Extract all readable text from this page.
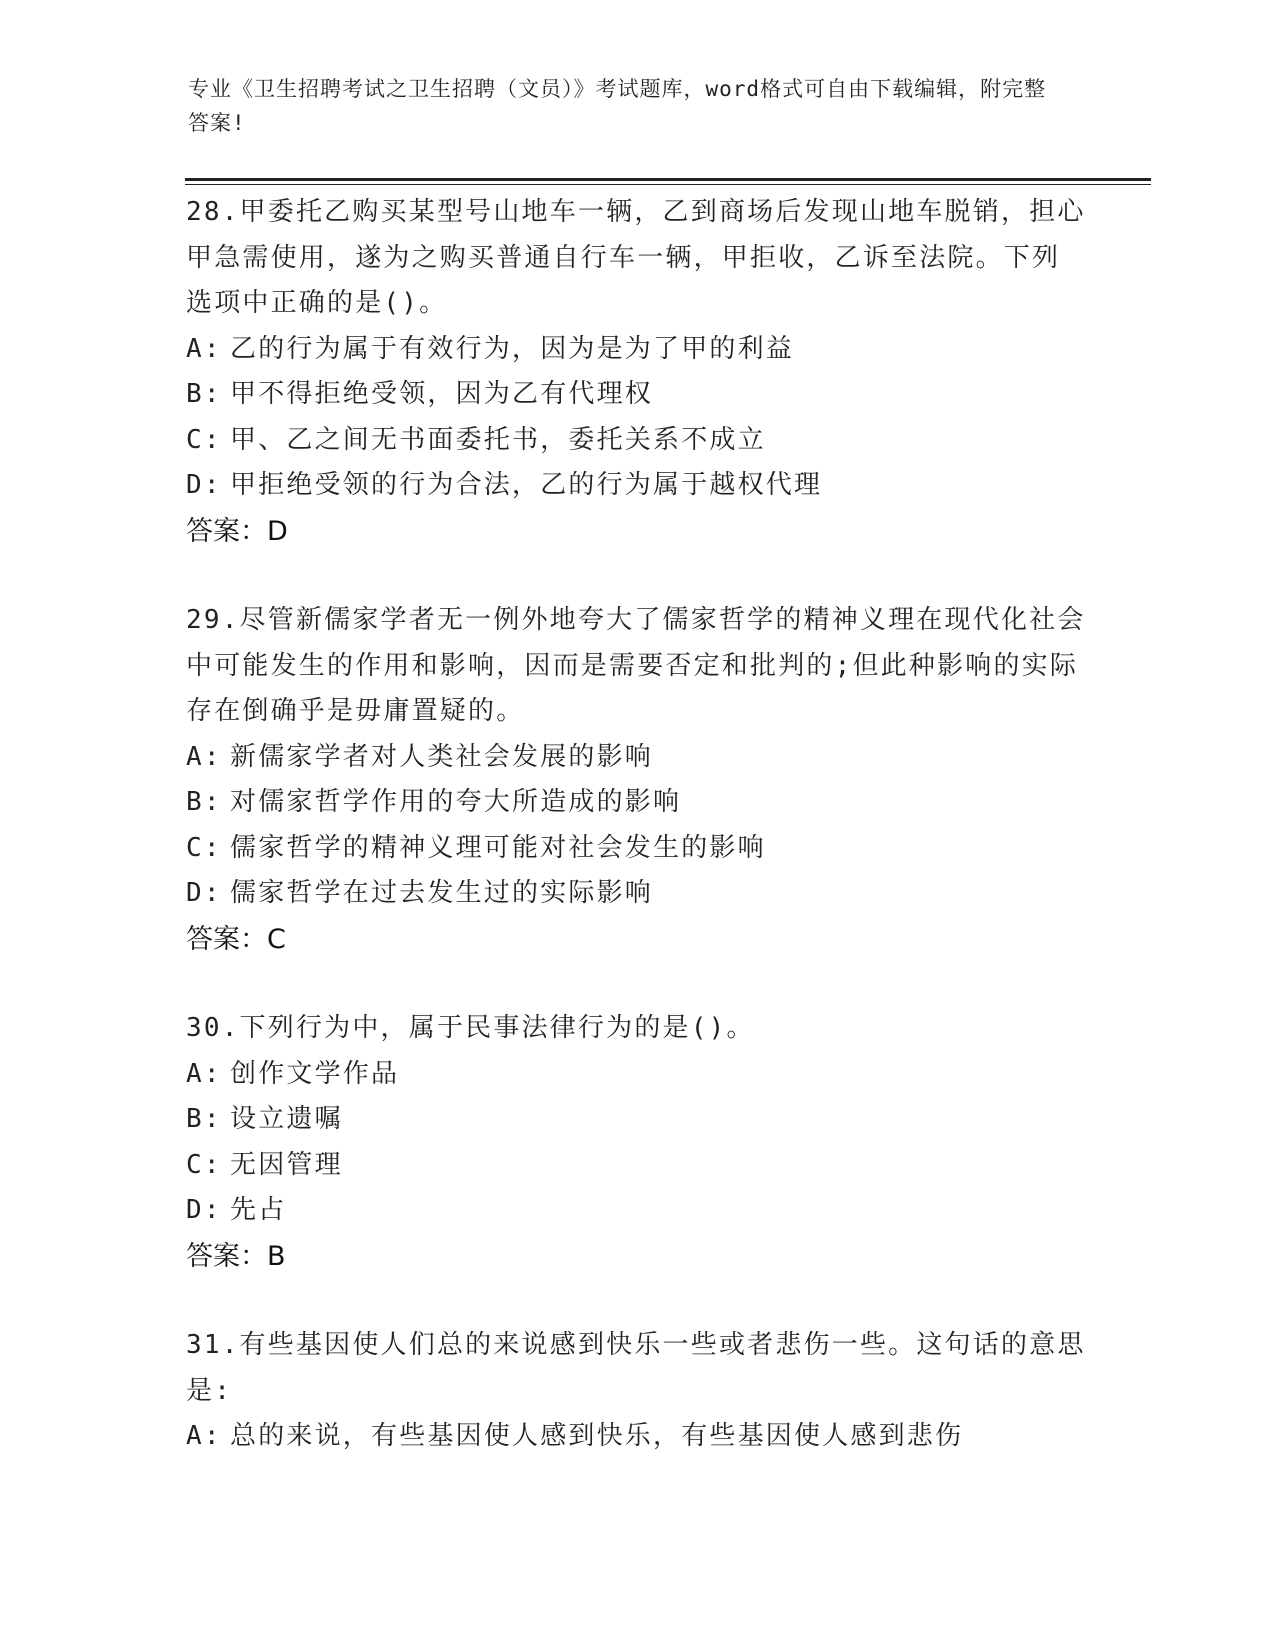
专业《卫生招聘考试之卫生招聘（文员）》考试题库，word格式可自由下载编辑，附完整答案!

28.甲委托乙购买某型号山地车一辆，乙到商场后发现山地车脱销，担心甲急需使用，遂为之购买普通自行车一辆，甲拒收，乙诉至法院。下列选项中正确的是()。

A: 乙的行为属于有效行为，因为是为了甲的利益

B: 甲不得拒绝受领，因为乙有代理权

C: 甲、乙之间无书面委托书，委托关系不成立

D: 甲拒绝受领的行为合法，乙的行为属于越权代理

答案：D

29.尽管新儒家学者无一例外地夸大了儒家哲学的精神义理在现代化社会中可能发生的作用和影响，因而是需要否定和批判的;但此种影响的实际存在倒确乎是毋庸置疑的。

A: 新儒家学者对人类社会发展的影响

B: 对儒家哲学作用的夸大所造成的影响

C: 儒家哲学的精神义理可能对社会发生的影响

D: 儒家哲学在过去发生过的实际影响

答案：C

30.下列行为中，属于民事法律行为的是()。

A: 创作文学作品

B: 设立遗嘱

C: 无因管理

D: 先占

答案：B

31.有些基因使人们总的来说感到快乐一些或者悲伤一些。这句话的意思是:

A: 总的来说，有些基因使人感到快乐，有些基因使人感到悲伤
